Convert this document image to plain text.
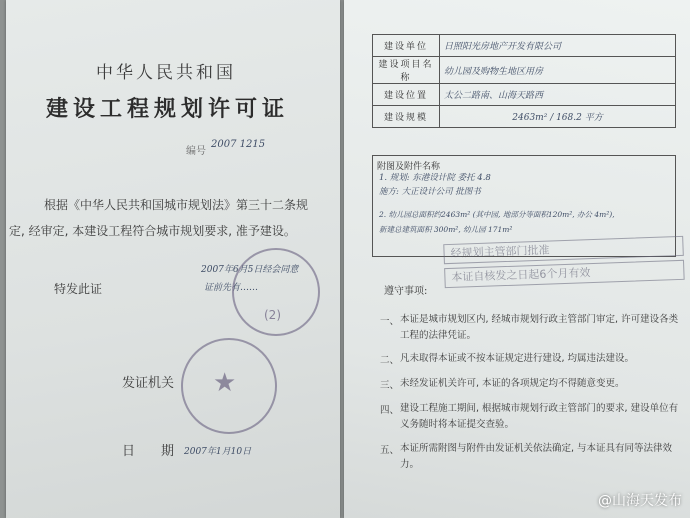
中华人民共和国
建设工程规划许可证
编号
2007 1215
根据《中华人民共和国城市规划法》第三十二条规
定, 经审定, 本建设工程符合城市规划要求, 准予建设。
特发此证
2007年6月5日经会同意
证前先有……
(2)
发证机关 ★
日　　期 2007年1月10日
建设单位	日照阳光房地产开发有限公司
建设项目名称	幼儿园及购物生地区用房
建设位置	太公二路南、山海天路西
建设规模	2463m² / 168.2 平方
附图及附件名称
1. 规划: 东港设计院 委托 4.8
施方: 大正设计公司 批图书
2. 幼儿园总面积约2463m² (其中园, 地部分等面积120m², 办公 4m²),
新建总建筑面积 300m², 幼儿园 171m²
经规划主管部门批准
本证自核发之日起6个月有效
遵守事项:
一、 本证是城市规划区内, 经城市规划行政主管部门审定, 许可建设各类工程的法律凭证。
二、 凡未取得本证或不按本证规定进行建设, 均属违法建设。
三、 未经发证机关许可, 本证的各项规定均不得随意变更。
四、 建设工程施工期间, 根据城市规划行政主管部门的要求, 建设单位有义务随时将本证提交查验。
五、 本证所需附图与附件由发证机关依法确定, 与本证具有同等法律效力。
@山海天发布
